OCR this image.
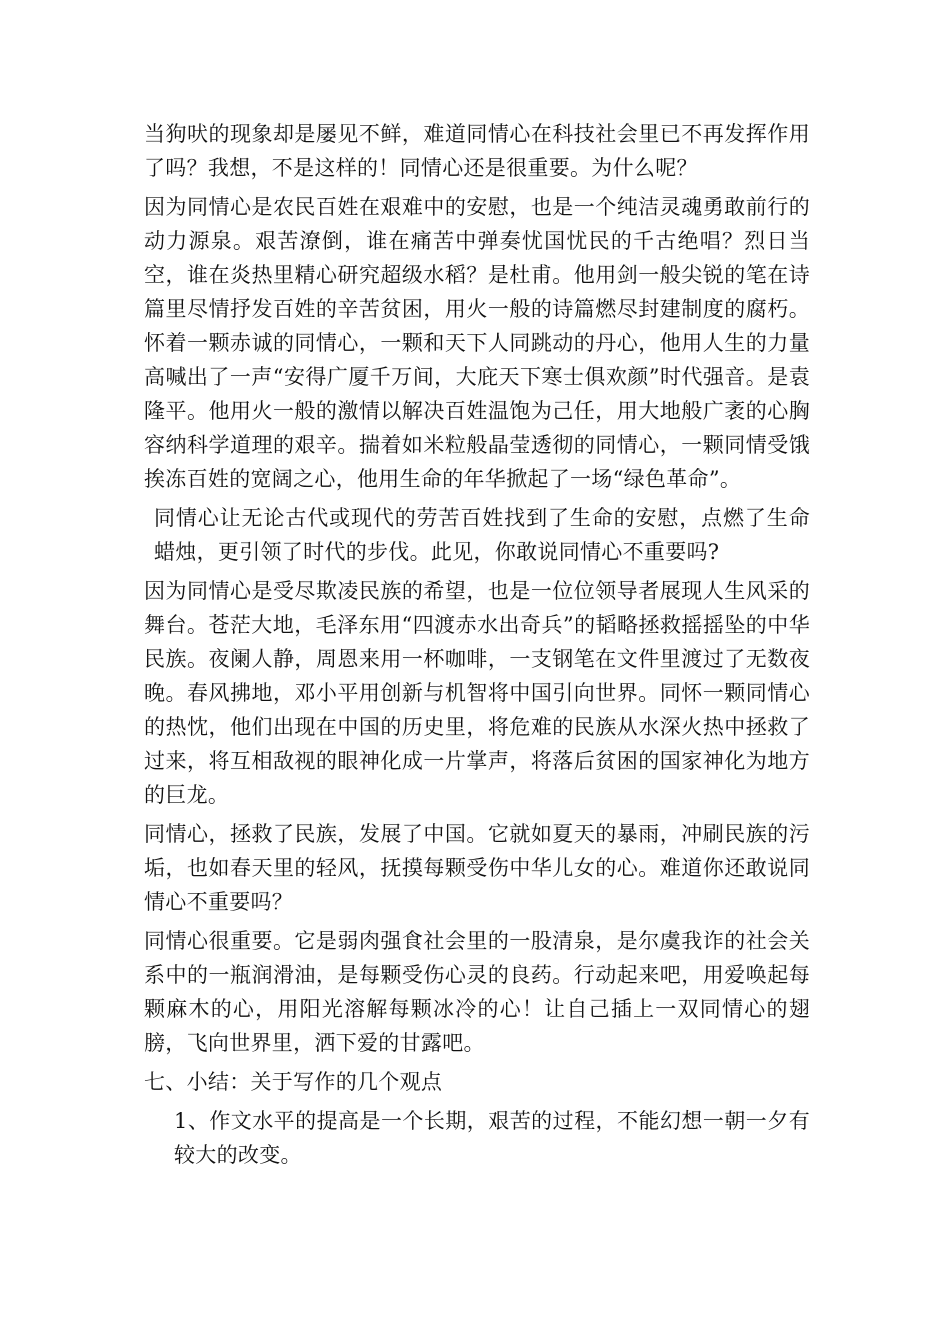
当狗吠的现象却是屡见不鲜，难道同情心在科技社会里已不再发挥作用了吗？我想，不是这样的！同情心还是很重要。为什么呢？

因为同情心是农民百姓在艰难中的安慰，也是一个纯洁灵魂勇敢前行的动力源泉。艰苦潦倒，谁在痛苦中弹奏忧国忧民的千古绝唱？烈日当空，谁在炎热里精心研究超级水稻？是杜甫。他用剑一般尖锐的笔在诗篇里尽情抒发百姓的辛苦贫困，用火一般的诗篇燃尽封建制度的腐朽。怀着一颗赤诚的同情心，一颗和天下人同跳动的丹心，他用人生的力量高喊出了一声“安得广厦千万间，大庇天下寒士俱欢颜”时代强音。是袁隆平。他用火一般的激情以解决百姓温饱为己任，用大地般广袤的心胸容纳科学道理的艰辛。揣着如米粒般晶莹透彻的同情心，一颗同情受饿挨冻百姓的宽阔之心，他用生命的年华掀起了一场“绿色革命”。

同情心让无论古代或现代的劳苦百姓找到了生命的安慰，点燃了生命蜡烛，更引领了时代的步伐。此见，你敢说同情心不重要吗?

因为同情心是受尽欺凌民族的希望，也是一位位领导者展现人生风采的舞台。苍茫大地，毛泽东用“四渡赤水出奇兵”的韬略拯救摇摇坠的中华民族。夜阑人静，周恩来用一杯咖啡，一支钢笔在文件里渡过了无数夜晚。春风拂地，邓小平用创新与机智将中国引向世界。同怀一颗同情心的热忱，他们出现在中国的历史里，将危难的民族从水深火热中拯救了过来，将互相敌视的眼神化成一片掌声，将落后贫困的国家神化为地方的巨龙。

同情心，拯救了民族，发展了中国。它就如夏天的暴雨，冲刷民族的污垢，也如春天里的轻风，抚摸每颗受伤中华儿女的心。难道你还敢说同情心不重要吗？

同情心很重要。它是弱肉强食社会里的一股清泉，是尔虞我诈的社会关系中的一瓶润滑油，是每颗受伤心灵的良药。行动起来吧，用爱唤起每颗麻木的心，用阳光溶解每颗冰冷的心！让自己插上一双同情心的翅膀，飞向世界里，洒下爱的甘露吧。

七、小结：关于写作的几个观点

1、作文水平的提高是一个长期，艰苦的过程，不能幻想一朝一夕有较大的改变。
